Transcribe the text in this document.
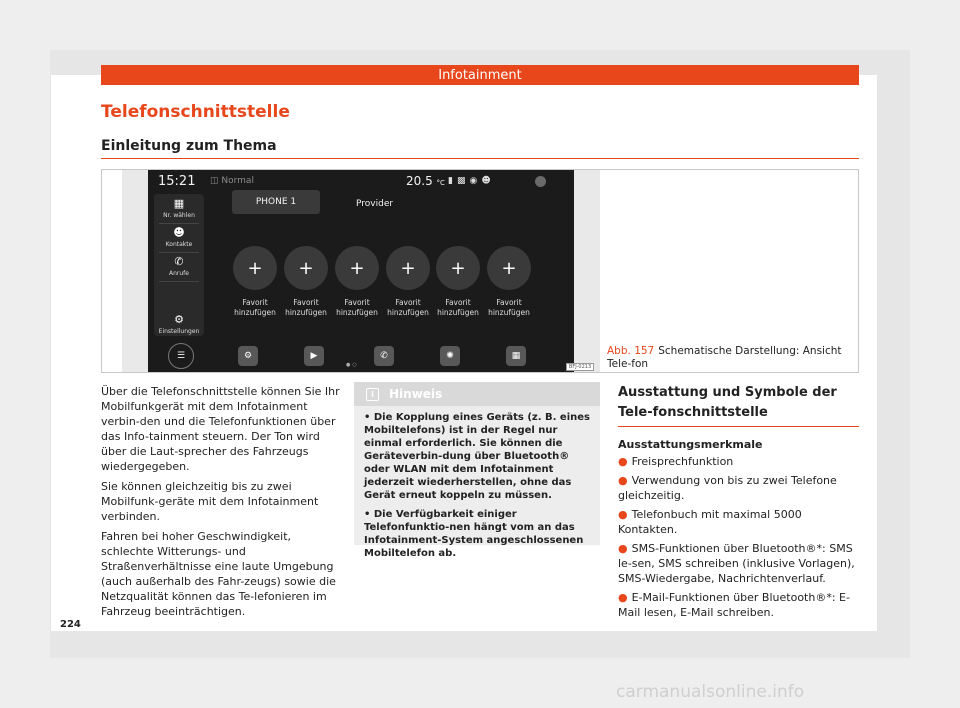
Infotainment
Telefonschnittstelle
Einleitung zum Thema
15:21 ◫ Normal	20.5 °C ▮▩◉☻
▦
Nr. wählen
☻
Kontakte
✆
Anrufe
⚙
Einstellungen
PHONE 1	Provider
+
Favorit
hinzufügen
+
Favorit
hinzufügen
+
Favorit
hinzufügen
+
Favorit
hinzufügen
+
Favorit
hinzufügen
+
Favorit
hinzufügen
☰	⚙	▶
●○
✆	✺	▦
BFJ-0213
Abb. 157 Schematische Darstellung: Ansicht Tele-fon

Über die Telefonschnittstelle können Sie Ihr Mobilfunkgerät mit dem Infotainment verbin-den und die Telefonfunktionen über das Info-tainment steuern. Der Ton wird über die Laut-sprecher des Fahrzeugs wiedergegeben.

Sie können gleichzeitig bis zu zwei Mobilfunk-geräte mit dem Infotainment verbinden.

Fahren bei hoher Geschwindigkeit, schlechte Witterungs- und Straßenverhältnisse eine laute Umgebung (auch außerhalb des Fahr-zeugs) sowie die Netzqualität können das Te-lefonieren im Fahrzeug beeinträchtigen.

i	Hinweis

• Die Kopplung eines Geräts (z. B. eines Mobiltelefons) ist in der Regel nur einmal erforderlich. Sie können die Geräteverbin-dung über Bluetooth® oder WLAN mit dem Infotainment jederzeit wiederherstellen, ohne das Gerät erneut koppeln zu müssen.

• Die Verfügbarkeit einiger Telefonfunktio-nen hängt vom an das Infotainment-System angeschlossenen Mobiltelefon ab.

Ausstattung und Symbole der Tele-fonschnittstelle
Ausstattungsmerkmale
● Freisprechfunktion
● Verwendung von bis zu zwei Telefone gleichzeitig.
● Telefonbuch mit maximal 5000 Kontakten.
● SMS-Funktionen über Bluetooth®*: SMS le-sen, SMS schreiben (inklusive Vorlagen), SMS-Wiedergabe, Nachrichtenverlauf.
● E-Mail-Funktionen über Bluetooth®*: E-Mail lesen, E-Mail schreiben.
224
carmanualsonline.info
